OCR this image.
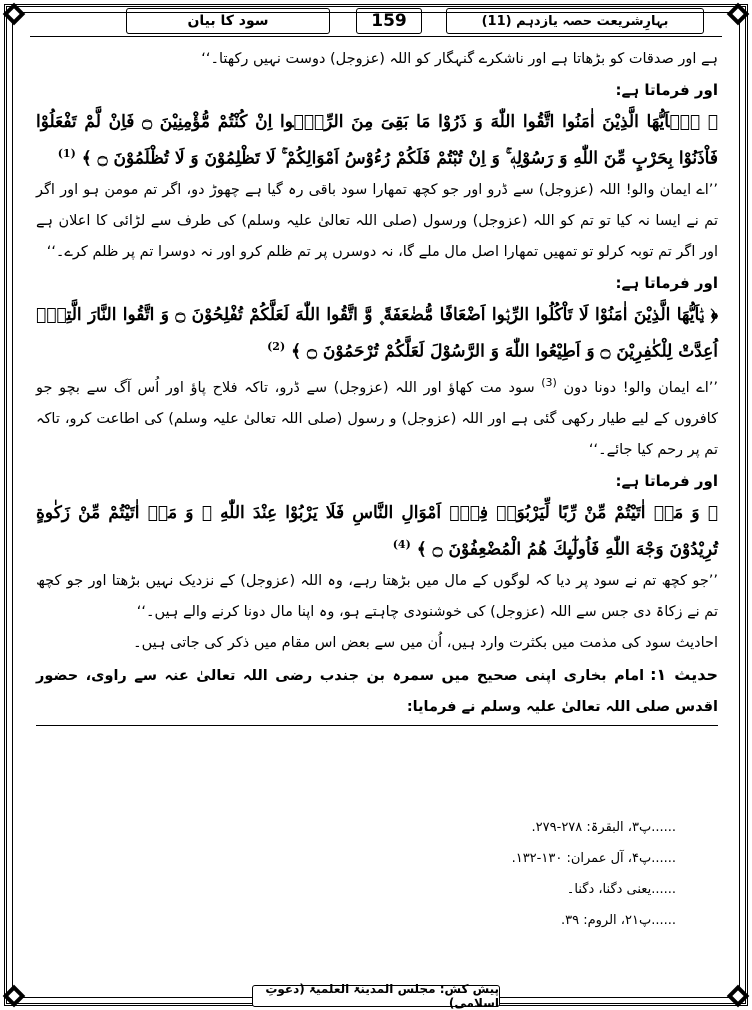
سود کا بیان	159	بہارِشریعت حصہ یازدہم (11)

ہے اور صدقات کو بڑھاتا ہے اور ناشکرے گنہگار کو اللہ (عزوجل) دوست نہیں رکھتا۔‘‘

اور فرماتا ہے:

﴿ یٰۤاَیُّهَا الَّذِیْنَ اٰمَنُوا اتَّقُوا اللّٰهَ وَ ذَرُوْا مَا بَقِیَ مِنَ الرِّبٰۤوا اِنْ كُنْتُمْ مُّؤْمِنِیْنَ ۝ فَاِنْ لَّمْ تَفْعَلُوْا فَاْذَنُوْا بِحَرْبٍ مِّنَ اللّٰهِ وَ رَسُوْلِهٖ ۚ وَ اِنْ تُبْتُمْ فَلَكُمْ رُءُوْسُ اَمْوَالِكُمْ ۚ لَا تَظْلِمُوْنَ وَ لَا تُظْلَمُوْنَ ۝ ﴾ $^{(1)}$

’’اے ایمان والو! اللہ (عزوجل) سے ڈرو اور جو کچھ تمھارا سود باقی رہ گیا ہے چھوڑ دو، اگر تم مومن ہو اور اگر تم نے ایسا نہ کیا تو تم کو اللہ (عزوجل) ورسول (صلی اللہ تعالیٰ علیہ وسلم) کی طرف سے لڑائی کا اعلان ہے اور اگر تم توبہ کرلو تو تمھیں تمھارا اصل مال ملے گا، نہ دوسرں پر تم ظلم کرو اور نہ دوسرا تم پر ظلم کرے۔‘‘

اور فرماتا ہے:

﴿ یٰۤاَیُّهَا الَّذِیْنَ اٰمَنُوْا لَا تَاْكُلُوا الرِّبٰۤوا اَضْعَافًا مُّضٰعَفَةً ۪ وَّ اتَّقُوا اللّٰهَ لَعَلَّكُمْ تُفْلِحُوْنَ ۝ وَ اتَّقُوا النَّارَ الَّتِیْۤ اُعِدَّتْ لِلْكٰفِرِیْنَ ۝ وَ اَطِیْعُوا اللّٰهَ وَ الرَّسُوْلَ لَعَلَّكُمْ تُرْحَمُوْنَ ۝ ﴾ $^{(2)}$

’’اے ایمان والو! دونا دون $^{(3)}$ سود مت کھاؤ اور اللہ (عزوجل) سے ڈرو، تاکہ فلاح پاؤ اور اُس آگ سے بچو جو کافروں کے لیے طیار رکھی گئی ہے اور اللہ (عزوجل) و رسول (صلی اللہ تعالیٰ علیہ وسلم) کی اطاعت کرو، تاکہ تم پر رحم کیا جائے۔‘‘

اور فرماتا ہے:

﴿ وَ مَاۤ اٰتَیْتُمْ مِّنْ رِّبًا لِّیَرْبُوَاۡ فِیْۤ اَمْوَالِ النَّاسِ فَلَا یَرْبُوْا عِنْدَ اللّٰهِ ۚ وَ مَاۤ اٰتَیْتُمْ مِّنْ زَكٰوةٍ تُرِیْدُوْنَ وَجْهَ اللّٰهِ فَاُولٰٓىِٕكَ هُمُ الْمُضْعِفُوْنَ ۝ ﴾ $^{(4)}$

’’جو کچھ تم نے سود پر دیا کہ لوگوں کے مال میں بڑھتا رہے، وہ اللہ (عزوجل) کے نزدیک نہیں بڑھتا اور جو کچھ تم نے زکاۃ دی جس سے اللہ (عزوجل) کی خوشنودی چاہتے ہو، وہ اپنا مال دونا کرنے والے ہیں۔‘‘

احادیث سود کی مذمت میں بکثرت وارد ہیں، اُن میں سے بعض اس مقام میں ذکر کی جاتی ہیں۔

حدیث ۱:امام بخاری اپنی صحیح میں سمرہ بن جندب رضی اللہ تعالیٰ عنہ سے راوی، حضور اقدس صلی اللہ تعالیٰ علیہ وسلم نے فرمایا:

......پ۳، البقرۃ: ۲۷۸-۲۷۹.

......پ۴، آل عمران: ۱۳۰-۱۳۲.

......یعنی دگنا، دگنا۔

......پ۲۱، الروم: ۳۹.

پیش کش: مجلس المدینۃ العلمیۃ (دعوتِ اسلامی)
